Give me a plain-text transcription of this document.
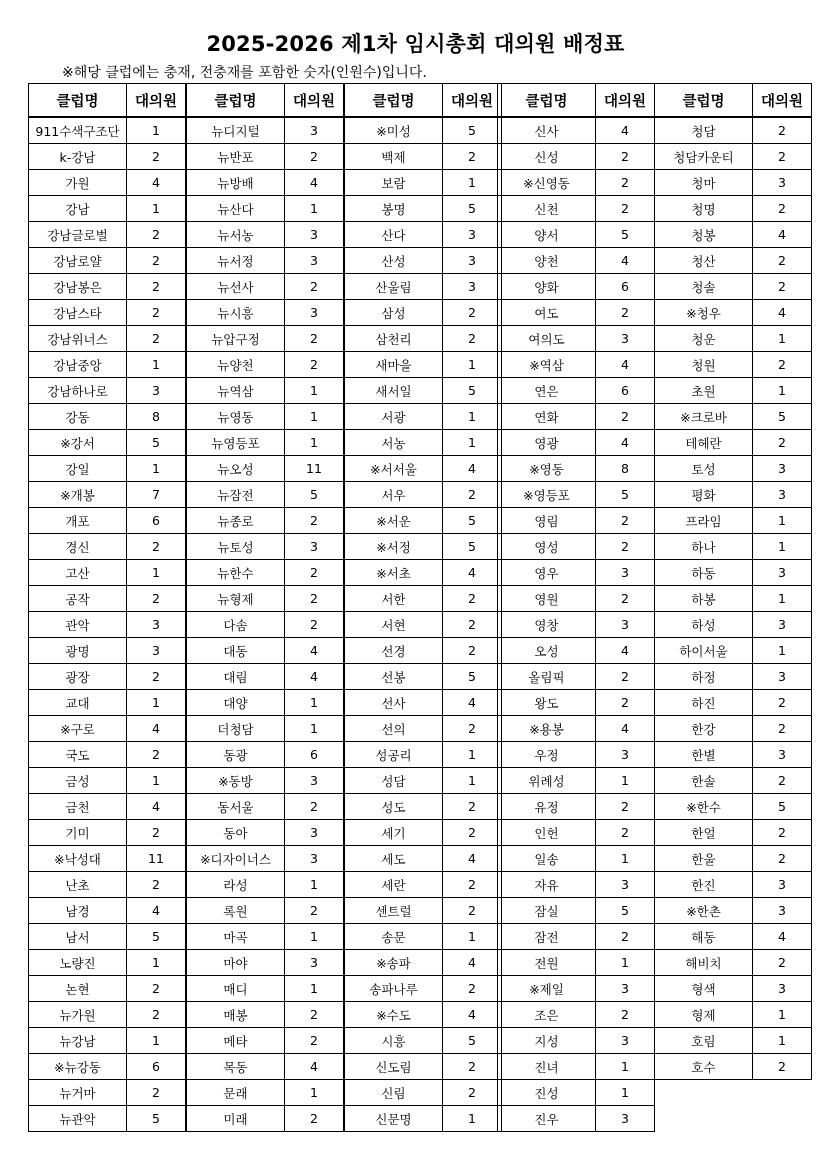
2025-2026 제1차 임시총회 대의원 배정표
※해당 클럽에는 충재, 전충재를 포함한 숫자(인원수)입니다.
클럽명	대의원
911수색구조단	1
k-강남	2
가원	4
강남	1
강남글로벌	2
강남로얄	2
강남봉은	2
강남스타	2
강남위너스	2
강남중앙	1
강남하나로	3
강동	8
※강서	5
강일	1
※개봉	7
개포	6
경신	2
고산	1
공작	2
관악	3
광명	3
광장	2
교대	1
※구로	4
국도	2
금성	1
금천	4
기미	2
※낙성대	11
난초	2
남경	4
남서	5
노량진	1
논현	2
뉴가원	2
뉴강남	1
※뉴강동	6
뉴거마	2
뉴관악	5
클럽명	대의원
뉴디지털	3
뉴반포	2
뉴방배	4
뉴산다	1
뉴서농	3
뉴서정	3
뉴선사	2
뉴시흥	3
뉴압구정	2
뉴양천	2
뉴역삼	1
뉴영동	1
뉴영등포	1
뉴오성	11
뉴잠전	5
뉴종로	2
뉴토성	3
뉴한수	2
뉴형제	2
다솜	2
대동	4
대림	4
대양	1
더청담	1
동광	6
※동방	3
동서울	2
동아	3
※디자이너스	3
라성	1
록원	2
마곡	1
마야	3
매디	1
매봉	2
메타	2
목동	4
문래	1
미래	2
클럽명	대의원
※미성	5
백제	2
보람	1
봉명	5
산다	3
산성	3
산울림	3
삼성	2
삼천리	2
새마을	1
새서일	5
서광	1
서농	1
※서서울	4
서우	2
※서운	5
※서정	5
※서초	4
서한	2
서현	2
선경	2
선봉	5
선사	4
선의	2
성공리	1
성담	1
성도	2
세기	2
세도	4
세란	2
센트럴	2
송문	1
※송파	4
송파나루	2
※수도	4
시흥	5
신도림	2
신림	2
신문명	1
클럽명	대의원
신사	4
신성	2
※신영동	2
신천	2
양서	5
양천	4
양화	6
여도	2
여의도	3
※역삼	4
연은	6
연화	2
영광	4
※영동	8
※영등포	5
영림	2
영성	2
영우	3
영원	2
영창	3
오성	4
올림픽	2
왕도	2
※용봉	4
우정	3
위례성	1
유정	2
인헌	2
일송	1
자유	3
잠실	5
잠전	2
전원	1
※제일	3
조은	2
지성	3
진녀	1
진성	1
진우	3
클럽명	대의원
청담	2
청담카운티	2
청마	3
청명	2
청봉	4
청산	2
청솔	2
※청우	4
청운	1
청원	2
초원	1
※크로바	5
테헤란	2
토성	3
평화	3
프라임	1
하나	1
하동	3
하봉	1
하성	3
하이서울	1
하정	3
하진	2
한강	2
한별	3
한솔	2
※한수	5
한얼	2
한울	2
한진	3
※한촌	3
해동	4
해비치	2
형색	3
형제	1
호림	1
호수	2
